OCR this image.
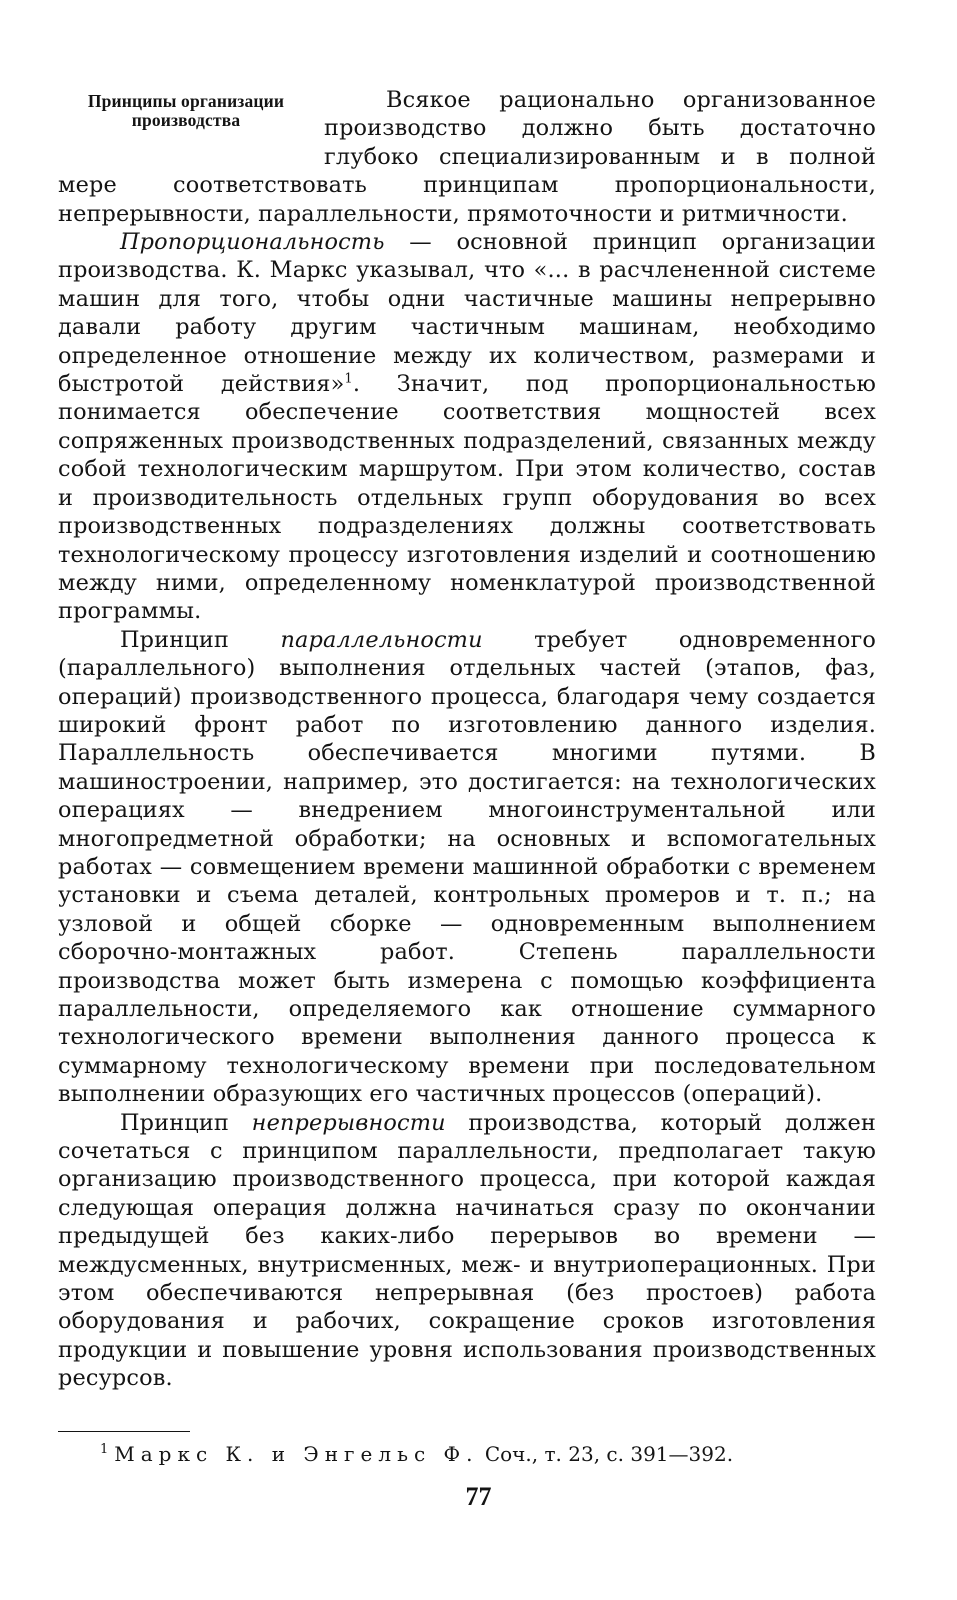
Принципы организации
производства

Всякое рационально организованное производство должно быть достаточно глубоко специализированным и в полной мере соответствовать принципам пропорциональности, непрерывности, параллельности, прямоточности и ритмичности.

Пропорциональность — основной принцип организации производства. К. Маркс указывал, что «... в расчлененной системе машин для того, чтобы одни частичные машины непрерывно давали работу другим частичным машинам, необходимо определенное отношение между их количеством, размерами и быстротой действия»$^1$. Значит, под пропорциональностью понимается обеспечение соответствия мощностей всех сопряженных производственных подразделений, связанных между собой технологическим маршрутом. При этом количество, состав и производительность отдельных групп оборудования во всех производственных подразделениях должны соответствовать технологическому процессу изготовления изделий и соотношению между ними, определенному номенклатурой производственной программы.

Принцип параллельности требует одновременного (параллельного) выполнения отдельных частей (этапов, фаз, операций) производственного процесса, благодаря чему создается широкий фронт работ по изготовлению данного изделия. Параллельность обеспечивается многими путями. В машиностроении, например, это достигается: на технологических операциях — внедрением многоинструментальной или многопредметной обработки; на основных и вспомогательных работах — совмещением времени машинной обработки с временем установки и съема деталей, контрольных промеров и т. п.; на узловой и общей сборке — одновременным выполнением сборочно-монтажных работ. Степень параллельности производства может быть измерена с помощью коэффициента параллельности, определяемого как отношение суммарного технологического времени выполнения данного процесса к суммарному технологическому времени при последовательном выполнении образующих его частичных процессов (операций).

Принцип непрерывности производства, который должен сочетаться с принципом параллельности, предполагает такую организацию производственного процесса, при которой каждая следующая операция должна начинаться сразу по окончании предыдущей без каких-либо перерывов во времени — междусменных, внутрисменных, меж- и внутриоперационных. При этом обеспечиваются непрерывная (без простоев) работа оборудования и рабочих, сокращение сроков изготовления продукции и повышение уровня использования производственных ресурсов.

$^1$ Маркс К. и Энгельс Ф. Соч., т. 23, с. 391—392.
77
